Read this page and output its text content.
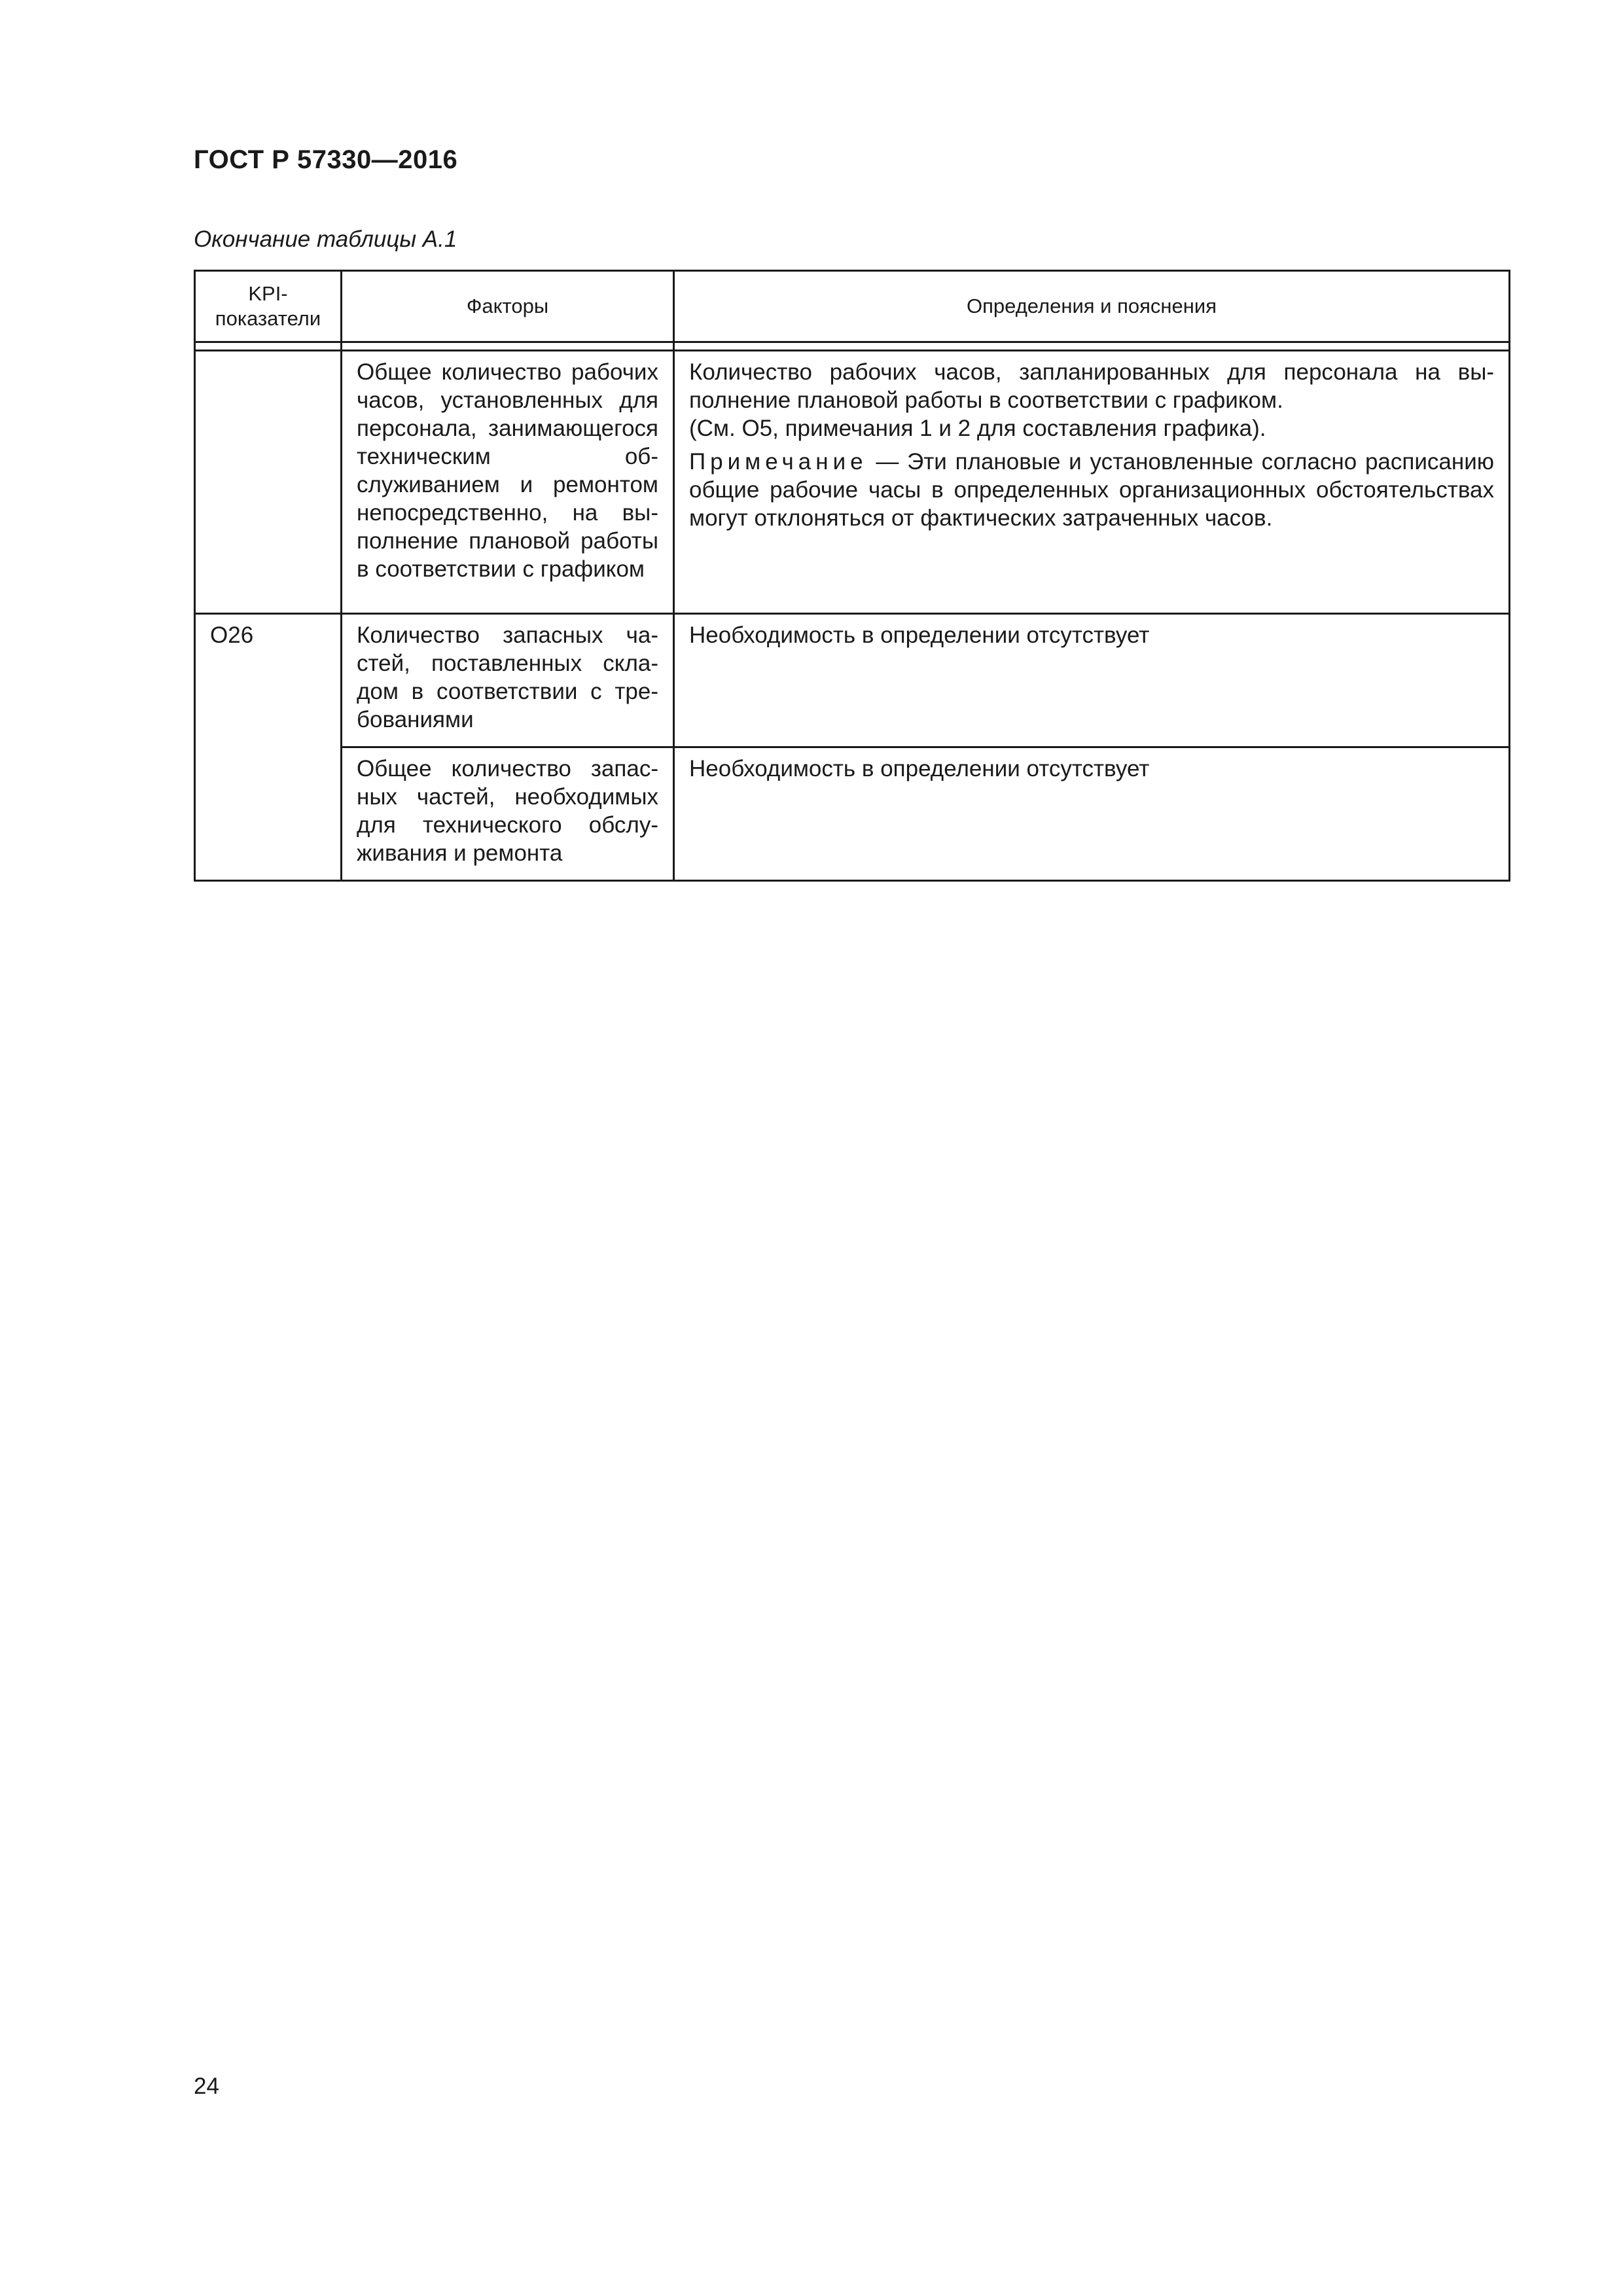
ГОСТ Р 57330—2016
Окончание таблицы А.1
KPI-
показатели	Факторы	Определения и пояснения

	Общее количество рабочих часов, установленных для персонала, занимающегося техническим обслуживанием и ремонтом непосредственно, на выполнение плановой работы в соответствии с графиком	Количество рабочих часов, запланированных для персонала на выполнение плановой работы в соответствии с графиком.
(См. О5, примечания 1 и 2 для составления графика).
Примечание — Эти плановые и установленные согласно расписанию общие рабочие часы в определенных организационных обстоятельствах могут отклоняться от фактических затраченных часов.

О26	Количество запасных частей, поставленных складом в соответствии с требованиями	Необходимость в определении отсутствует

	Общее количество запасных частей, необходимых для технического обслуживания и ремонта	Необходимость в определении отсутствует
24
